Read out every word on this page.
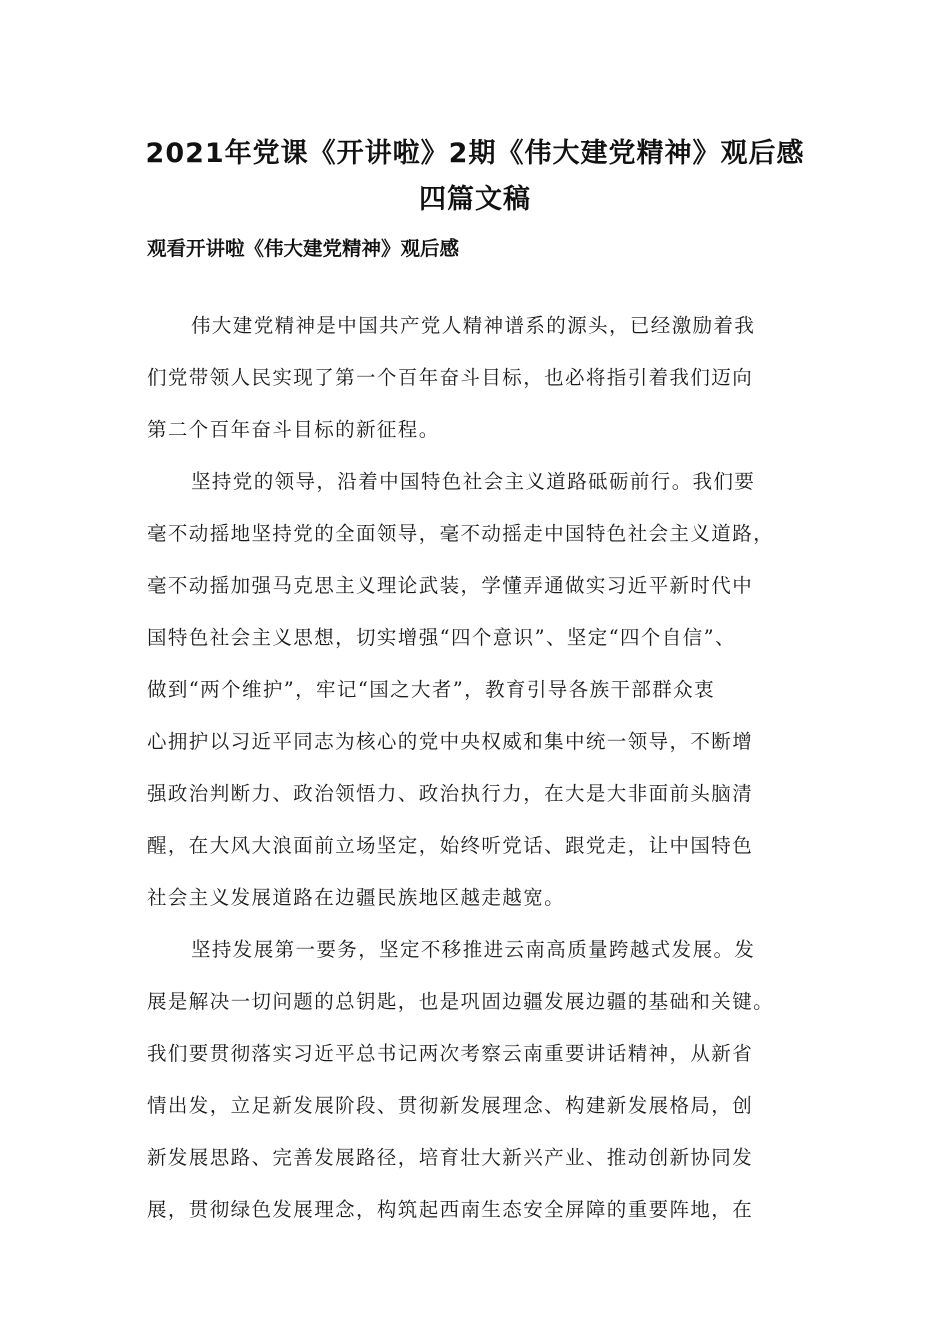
2021年党课《开讲啦》2期《伟大建党精神》观后感
四篇文稿
观看开讲啦《伟大建党精神》观后感
伟大建党精神是中国共产党人精神谱系的源头，已经激励着我
们党带领人民实现了第一个百年奋斗目标，也必将指引着我们迈向
第二个百年奋斗目标的新征程。
坚持党的领导，沿着中国特色社会主义道路砥砺前行。我们要
毫不动摇地坚持党的全面领导，毫不动摇走中国特色社会主义道路，
毫不动摇加强马克思主义理论武装，学懂弄通做实习近平新时代中
国特色社会主义思想，切实增强“四个意识”、坚定“四个自信”、
做到“两个维护”，牢记“国之大者”，教育引导各族干部群众衷
心拥护以习近平同志为核心的党中央权威和集中统一领导，不断增
强政治判断力、政治领悟力、政治执行力，在大是大非面前头脑清
醒，在大风大浪面前立场坚定，始终听党话、跟党走，让中国特色
社会主义发展道路在边疆民族地区越走越宽。
坚持发展第一要务，坚定不移推进云南高质量跨越式发展。发
展是解决一切问题的总钥匙，也是巩固边疆发展边疆的基础和关键。
我们要贯彻落实习近平总书记两次考察云南重要讲话精神，从新省
情出发，立足新发展阶段、贯彻新发展理念、构建新发展格局，创
新发展思路、完善发展路径，培育壮大新兴产业、推动创新协同发
展，贯彻绿色发展理念，构筑起西南生态安全屏障的重要阵地，在
